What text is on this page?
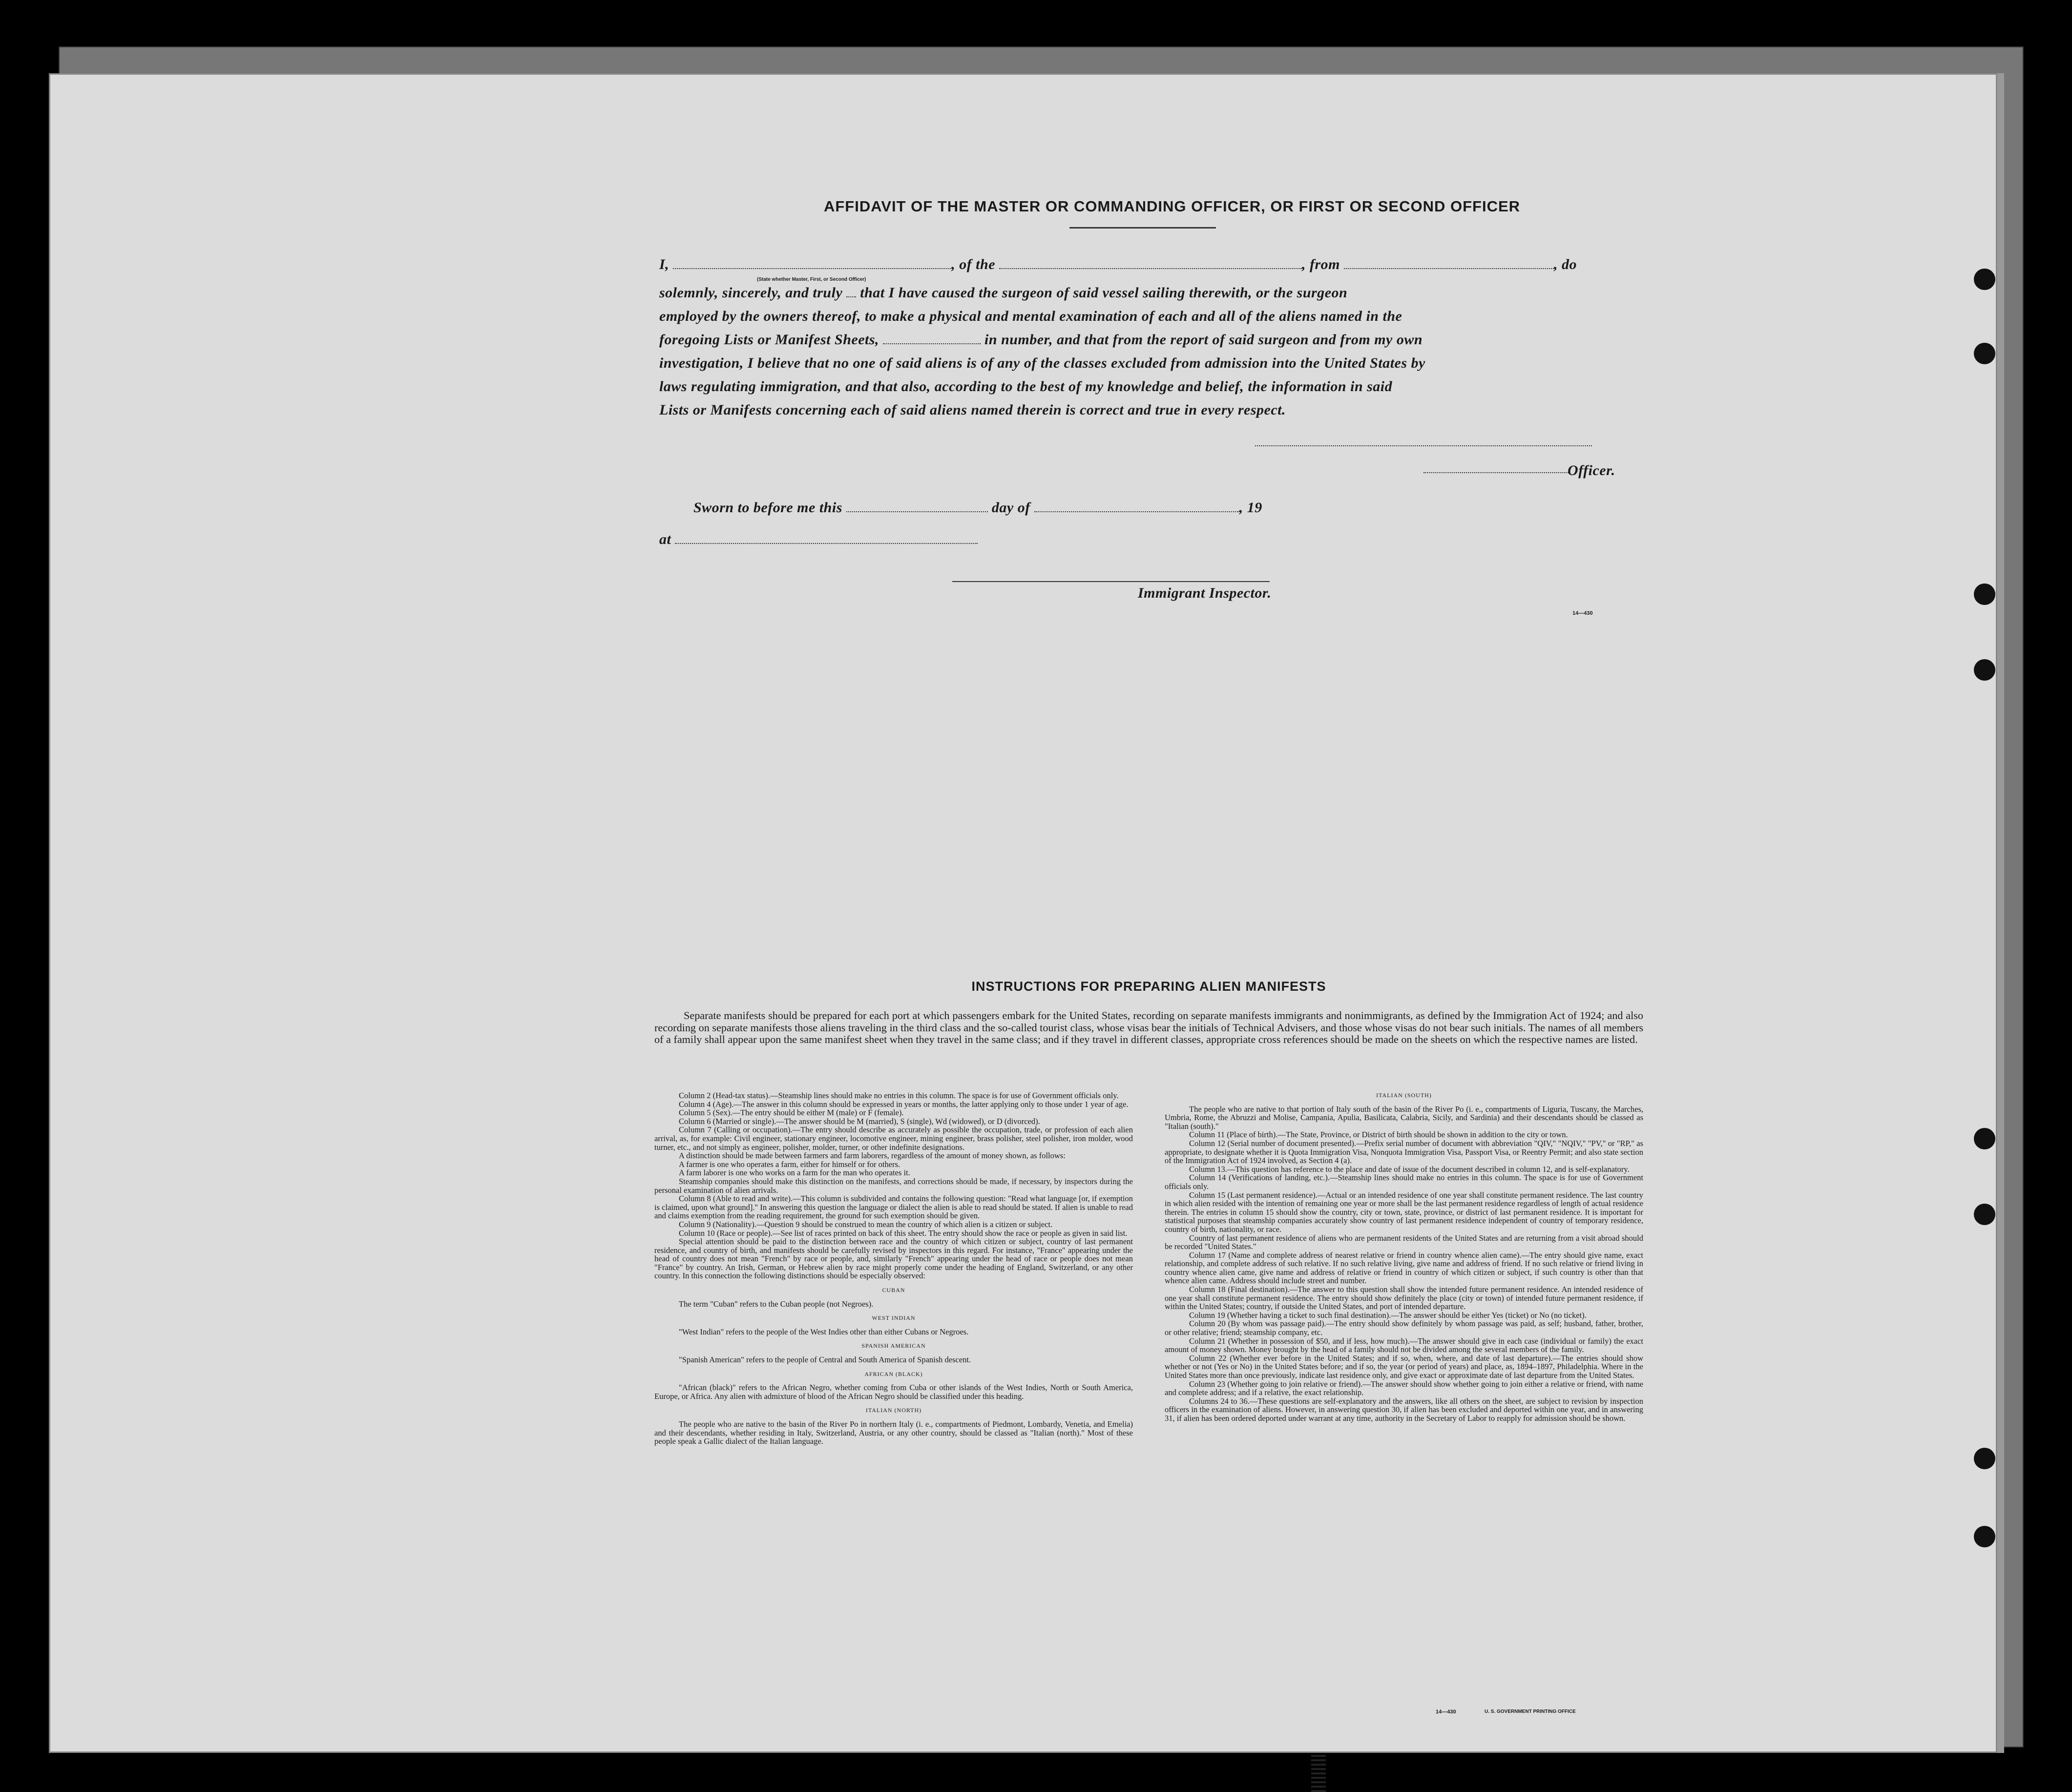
AFFIDAVIT OF THE MASTER OR COMMANDING OFFICER, OR FIRST OR SECOND OFFICER
I,	, of the	, from	, do
(State whether Master, First, or Second Officer)
solemnly, sincerely, and truly that I have caused the surgeon of said vessel sailing therewith, or the surgeon
employed by the owners thereof, to make a physical and mental examination of each and all of the aliens named in the
foregoing Lists or Manifest Sheets,	in number, and that from the report of said surgeon and from my own
investigation, I believe that no one of said aliens is of any of the classes excluded from admission into the United States by
laws regulating immigration, and that also, according to the best of my knowledge and belief, the information in said
Lists or Manifests concerning each of said aliens named therein is correct and true in every respect.
Officer.
Sworn to before me this	day of	, 19
at
Immigrant Inspector.
14—430
INSTRUCTIONS FOR PREPARING ALIEN MANIFESTS
Separate manifests should be prepared for each port at which passengers embark for the United States, recording on separate manifests immigrants and nonimmigrants, as defined by the Immigration Act of 1924; and also recording on separate manifests those aliens traveling in the third class and the so-called tourist class, whose visas bear the initials of Technical Advisers, and those whose visas do not bear such initials. The names of all members of a family shall appear upon the same manifest sheet when they travel in the same class; and if they travel in different classes, appropriate cross references should be made on the sheets on which the respective names are listed.

Column 2 (Head-tax status).—Steamship lines should make no entries in this column. The space is for use of Government officials only.

Column 4 (Age).—The answer in this column should be expressed in years or months, the latter applying only to those under 1 year of age.

Column 5 (Sex).—The entry should be either M (male) or F (female).

Column 6 (Married or single).—The answer should be M (married), S (single), Wd (widowed), or D (divorced).

Column 7 (Calling or occupation).—The entry should describe as accurately as possible the occupation, trade, or profession of each alien arrival, as, for example: Civil engineer, stationary engineer, locomotive engineer, mining engineer, brass polisher, steel polisher, iron molder, wood turner, etc., and not simply as engineer, polisher, molder, turner, or other indefinite designations.

A distinction should be made between farmers and farm laborers, regardless of the amount of money shown, as follows:

A farmer is one who operates a farm, either for himself or for others.

A farm laborer is one who works on a farm for the man who operates it.

Steamship companies should make this distinction on the manifests, and corrections should be made, if necessary, by inspectors during the personal examination of alien arrivals.

Column 8 (Able to read and write).—This column is subdivided and contains the following question: "Read what language [or, if exemption is claimed, upon what ground]." In answering this question the language or dialect the alien is able to read should be stated. If alien is unable to read and claims exemption from the reading requirement, the ground for such exemption should be given.

Column 9 (Nationality).—Question 9 should be construed to mean the country of which alien is a citizen or subject.

Column 10 (Race or people).—See list of races printed on back of this sheet. The entry should show the race or people as given in said list.

Special attention should be paid to the distinction between race and the country of which citizen or subject, country of last permanent residence, and country of birth, and manifests should be carefully revised by inspectors in this regard. For instance, "France" appearing under the head of country does not mean "French" by race or people, and, similarly "French" appearing under the head of race or people does not mean "France" by country. An Irish, German, or Hebrew alien by race might properly come under the heading of England, Switzerland, or any other country. In this connection the following distinctions should be especially observed:

CUBAN

The term "Cuban" refers to the Cuban people (not Negroes).

WEST INDIAN

"West Indian" refers to the people of the West Indies other than either Cubans or Negroes.

SPANISH AMERICAN

"Spanish American" refers to the people of Central and South America of Spanish descent.

AFRICAN (BLACK)

"African (black)" refers to the African Negro, whether coming from Cuba or other islands of the West Indies, North or South America, Europe, or Africa. Any alien with admixture of blood of the African Negro should be classified under this heading.

ITALIAN (NORTH)

The people who are native to the basin of the River Po in northern Italy (i. e., compartments of Piedmont, Lombardy, Venetia, and Emelia) and their descendants, whether residing in Italy, Switzerland, Austria, or any other country, should be classed as "Italian (north)." Most of these people speak a Gallic dialect of the Italian language.

ITALIAN (SOUTH)

The people who are native to that portion of Italy south of the basin of the River Po (i. e., compartments of Liguria, Tuscany, the Marches, Umbria, Rome, the Abruzzi and Molise, Campania, Apulia, Basilicata, Calabria, Sicily, and Sardinia) and their descendants should be classed as "Italian (south)."

Column 11 (Place of birth).—The State, Province, or District of birth should be shown in addition to the city or town.

Column 12 (Serial number of document presented).—Prefix serial number of document with abbreviation "QIV," "NQIV," "PV," or "RP," as appropriate, to designate whether it is Quota Immigration Visa, Nonquota Immigration Visa, Passport Visa, or Reentry Permit; and also state section of the Immigration Act of 1924 involved, as Section 4 (a).

Column 13.—This question has reference to the place and date of issue of the document described in column 12, and is self-explanatory.

Column 14 (Verifications of landing, etc.).—Steamship lines should make no entries in this column. The space is for use of Government officials only.

Column 15 (Last permanent residence).—Actual or an intended residence of one year shall constitute permanent residence. The last country in which alien resided with the intention of remaining one year or more shall be the last permanent residence regardless of length of actual residence therein. The entries in column 15 should show the country, city or town, state, province, or district of last permanent residence. It is important for statistical purposes that steamship companies accurately show country of last permanent residence independent of country of temporary residence, country of birth, nationality, or race.

Country of last permanent residence of aliens who are permanent residents of the United States and are returning from a visit abroad should be recorded "United States."

Column 17 (Name and complete address of nearest relative or friend in country whence alien came).—The entry should give name, exact relationship, and complete address of such relative. If no such relative living, give name and address of friend. If no such relative or friend living in country whence alien came, give name and address of relative or friend in country of which citizen or subject, if such country is other than that whence alien came. Address should include street and number.

Column 18 (Final destination).—The answer to this question shall show the intended future permanent residence. An intended residence of one year shall constitute permanent residence. The entry should show definitely the place (city or town) of intended future permanent residence, if within the United States; country, if outside the United States, and port of intended departure.

Column 19 (Whether having a ticket to such final destination).—The answer should be either Yes (ticket) or No (no ticket).

Column 20 (By whom was passage paid).—The entry should show definitely by whom passage was paid, as self; husband, father, brother, or other relative; friend; steamship company, etc.

Column 21 (Whether in possession of $50, and if less, how much).—The answer should give in each case (individual or family) the exact amount of money shown. Money brought by the head of a family should not be divided among the several members of the family.

Column 22 (Whether ever before in the United States; and if so, when, where, and date of last departure).—The entries should show whether or not (Yes or No) in the United States before; and if so, the year (or period of years) and place, as, 1894–1897, Philadelphia. Where in the United States more than once previously, indicate last residence only, and give exact or approximate date of last departure from the United States.

Column 23 (Whether going to join relative or friend).—The answer should show whether going to join either a relative or friend, with name and complete address; and if a relative, the exact relationship.

Columns 24 to 36.—These questions are self-explanatory and the answers, like all others on the sheet, are subject to revision by inspection officers in the examination of aliens. However, in answering question 30, if alien has been excluded and deported within one year, and in answering 31, if alien has been ordered deported under warrant at any time, authority in the Secretary of Labor to reapply for admission should be shown.

14—430	U. S. GOVERNMENT PRINTING OFFICE
